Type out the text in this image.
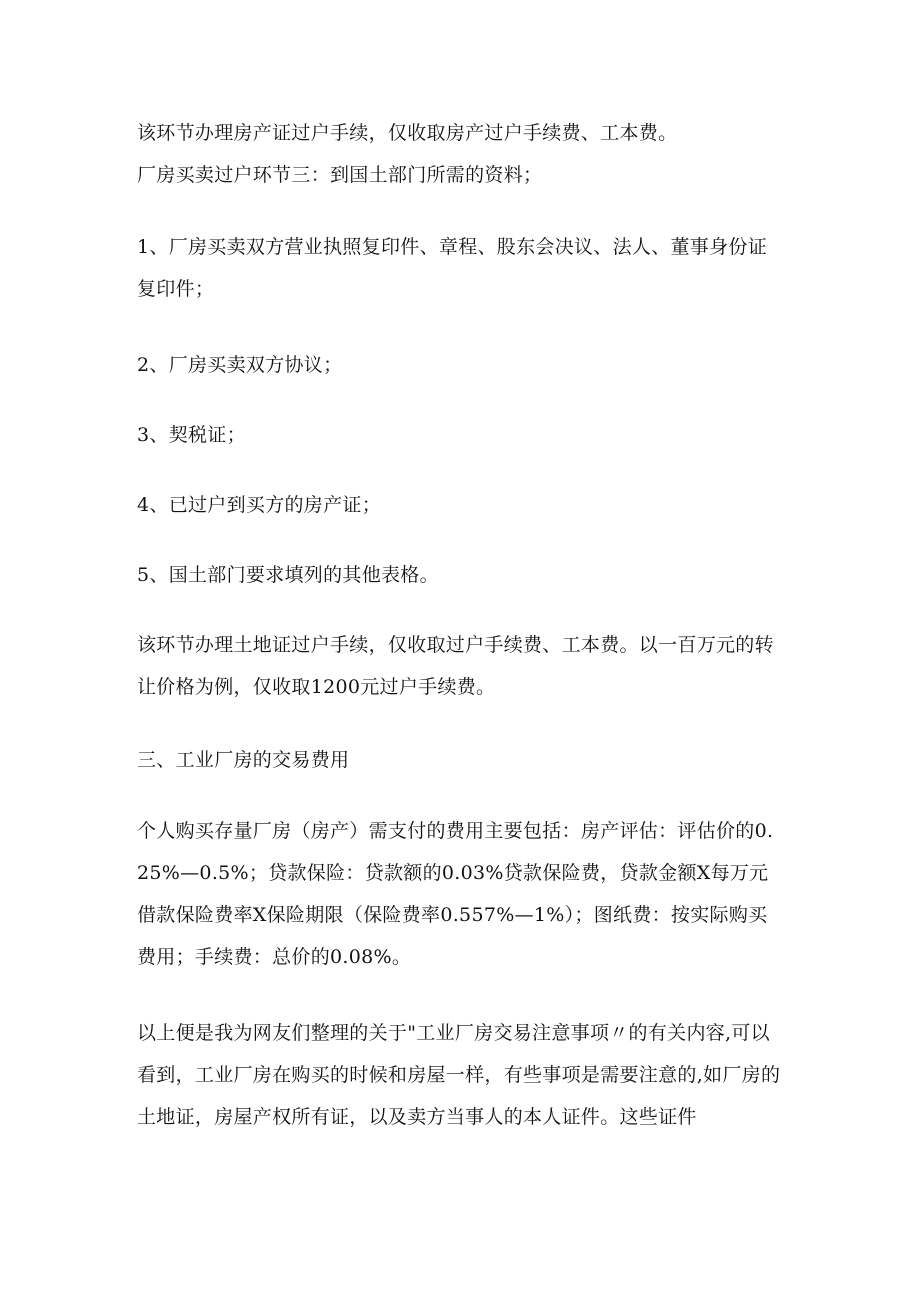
该环节办理房产证过户手续，仅收取房产过户手续费、工本费。

厂房买卖过户环节三：到国土部门所需的资料；

1、厂房买卖双方营业执照复印件、章程、股东会决议、法人、董事身份证复印件；

2、厂房买卖双方协议；

3、契税证；

4、已过户到买方的房产证；

5、国土部门要求填列的其他表格。

该环节办理土地证过户手续，仅收取过户手续费、工本费。以一百万元的转让价格为例，仅收取1200元过户手续费。

三、工业厂房的交易费用

个人购买存量厂房（房产）需支付的费用主要包括：房产评估：评估价的0.25%—0.5%；贷款保险：贷款额的0.03%贷款保险费，贷款金额X每万元借款保险费率X保险期限（保险费率0.557%—1%）；图纸费：按实际购买费用；手续费：总价的0.08%。

以上便是我为网友们整理的关于"工业厂房交易注意事项〃的有关内容,可以看到，工业厂房在购买的时候和房屋一样，有些事项是需要注意的,如厂房的土地证，房屋产权所有证，以及卖方当事人的本人证件。这些证件
